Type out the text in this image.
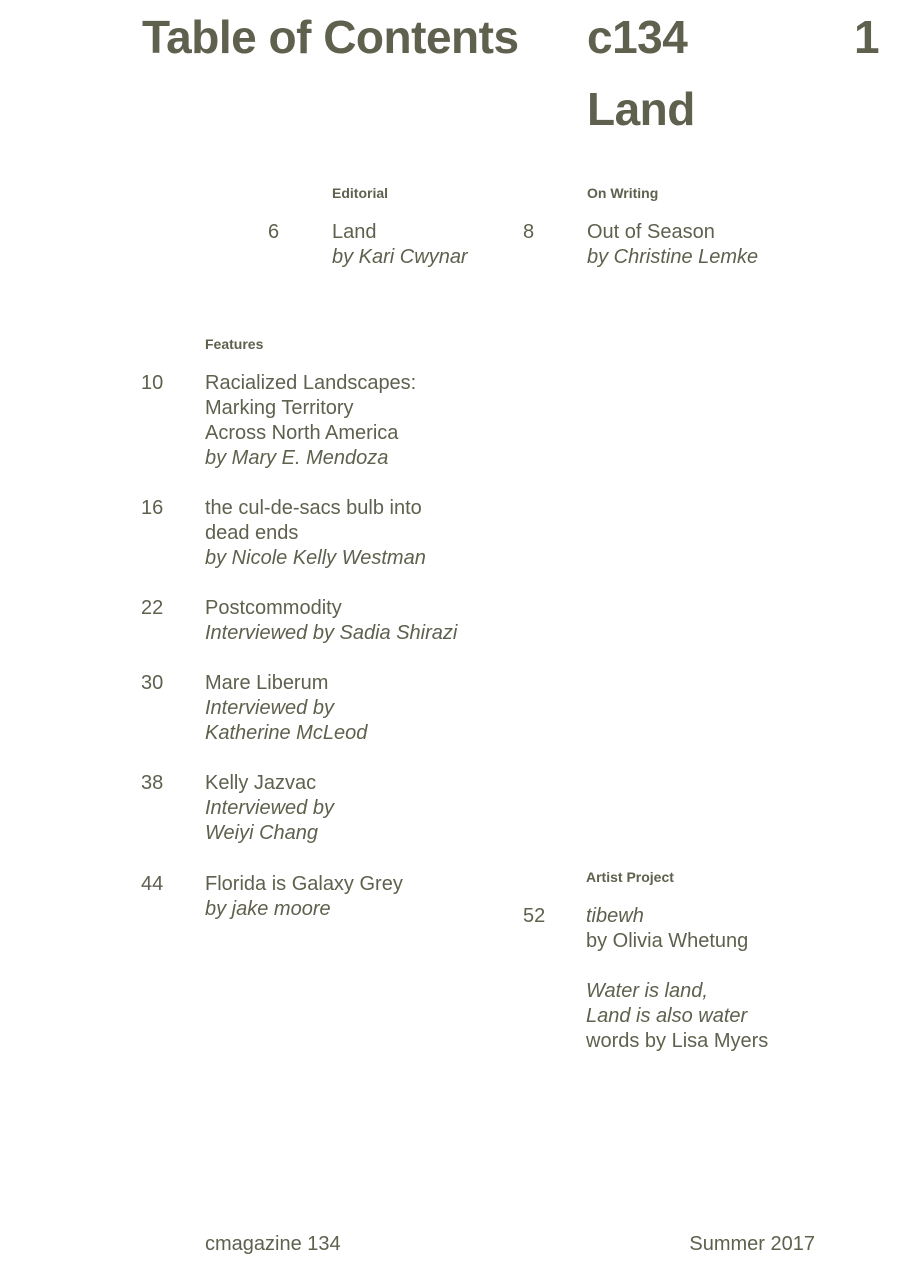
Table of Contents c134
Land
1
Editorial
6	Land
by Kari Cwynar
On Writing
8	Out of Season
by Christine Lemke
Features
10 Racialized Landscapes:
Marking Territory
Across North America
by Mary E. Mendoza
16 the cul-de-sacs bulb into
dead ends
by Nicole Kelly Westman
22 Postcommodity
Interviewed by Sadia Shirazi
30 Mare Liberum
Interviewed by
Katherine McLeod
38 Kelly Jazvac
Interviewed by
Weiyi Chang
44 Florida is Galaxy Grey
by jake moore
Artist Project
52 tibewh
by Olivia Whetung
Water is land,
Land is also water
words by Lisa Myers
cmagazine 134	Summer 2017
